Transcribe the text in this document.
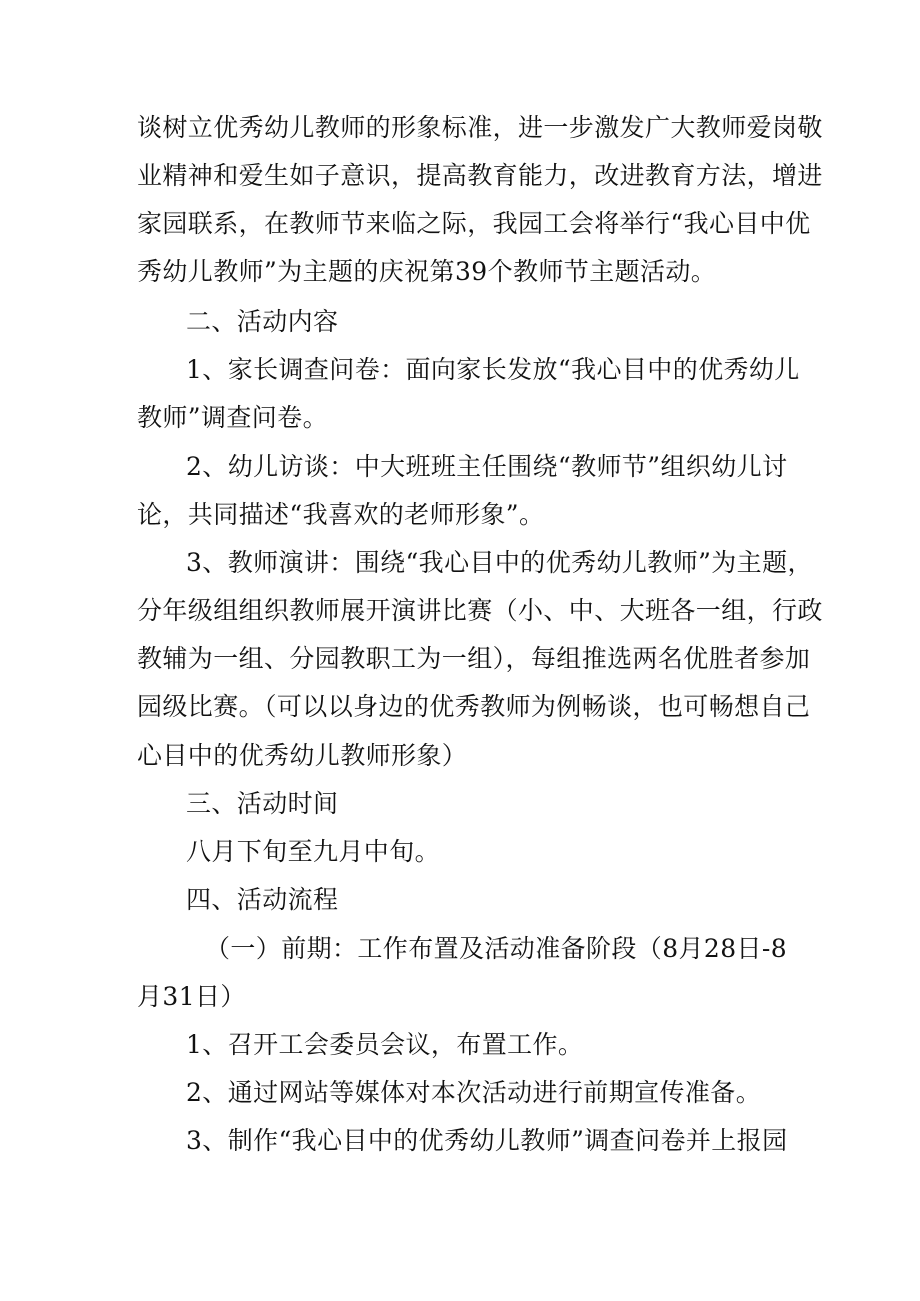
谈树立优秀幼儿教师的形象标准，进一步激发广大教师爱岗敬
业精神和爱生如子意识，提高教育能力，改进教育方法，增进
家园联系，在教师节来临之际，我园工会将举行“我心目中优
秀幼儿教师”为主题的庆祝第39个教师节主题活动。
二、活动内容
1、家长调查问卷：面向家长发放“我心目中的优秀幼儿
教师”调查问卷。
2、幼儿访谈：中大班班主任围绕“教师节”组织幼儿讨
论，共同描述“我喜欢的老师形象”。
3、教师演讲：围绕“我心目中的优秀幼儿教师”为主题，
分年级组组织教师展开演讲比赛（小、中、大班各一组，行政
教辅为一组、分园教职工为一组），每组推选两名优胜者参加
园级比赛。（可以以身边的优秀教师为例畅谈，也可畅想自己
心目中的优秀幼儿教师形象）
三、活动时间
八月下旬至九月中旬。
四、活动流程
（一）前期：工作布置及活动准备阶段（8月28日-8
月31日）
1、召开工会委员会议，布置工作。
2、通过网站等媒体对本次活动进行前期宣传准备。
3、制作“我心目中的优秀幼儿教师”调查问卷并上报园
